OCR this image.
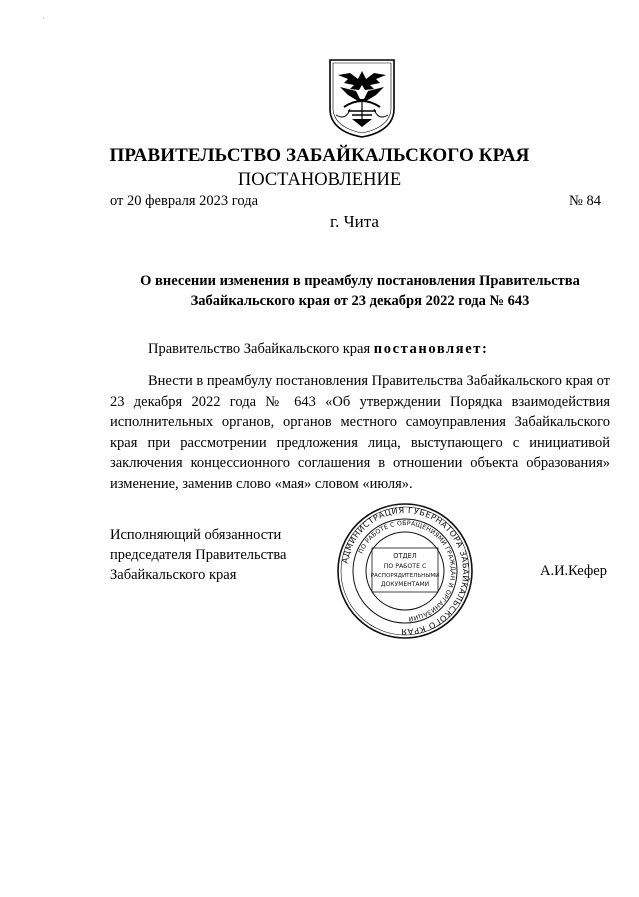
·
ПРАВИТЕЛЬСТВО ЗАБАЙКАЛЬСКОГО КРАЯ
ПОСТАНОВЛЕНИЕ
от 20 февраля 2023 года	№ 84
г. Чита
О внесении изменения в преамбулу постановления Правительства Забайкальского края от 23 декабря 2022 года № 643
Правительство Забайкальского края постановляет:
Внести в преамбулу постановления Правительства Забайкальского края от 23 декабря 2022 года № 643 «Об утверждении Порядка взаимодействия исполнительных органов, органов местного самоуправления Забайкальского края при рассмотрении предложения лица, выступающего с инициативой заключения концессионного соглашения в отношении объекта образования» изменение, заменив слово «мая» словом «июля».
Исполняющий обязанности
председателя Правительства
Забайкальского края	А.И.Кефер
АДМИНИСТРАЦИЯ ГУБЕРНАТОРА ЗАБАЙКАЛЬСКОГО КРАЯ
ПО РАБОТЕ С ОБРАЩЕНИЯМИ ГРАЖДАН И ОРГАНИЗАЦИЙ
ОТДЕЛ
ПО РАБОТЕ С
РАСПОРЯДИТЕЛЬНЫМИ
ДОКУМЕНТАМИ
